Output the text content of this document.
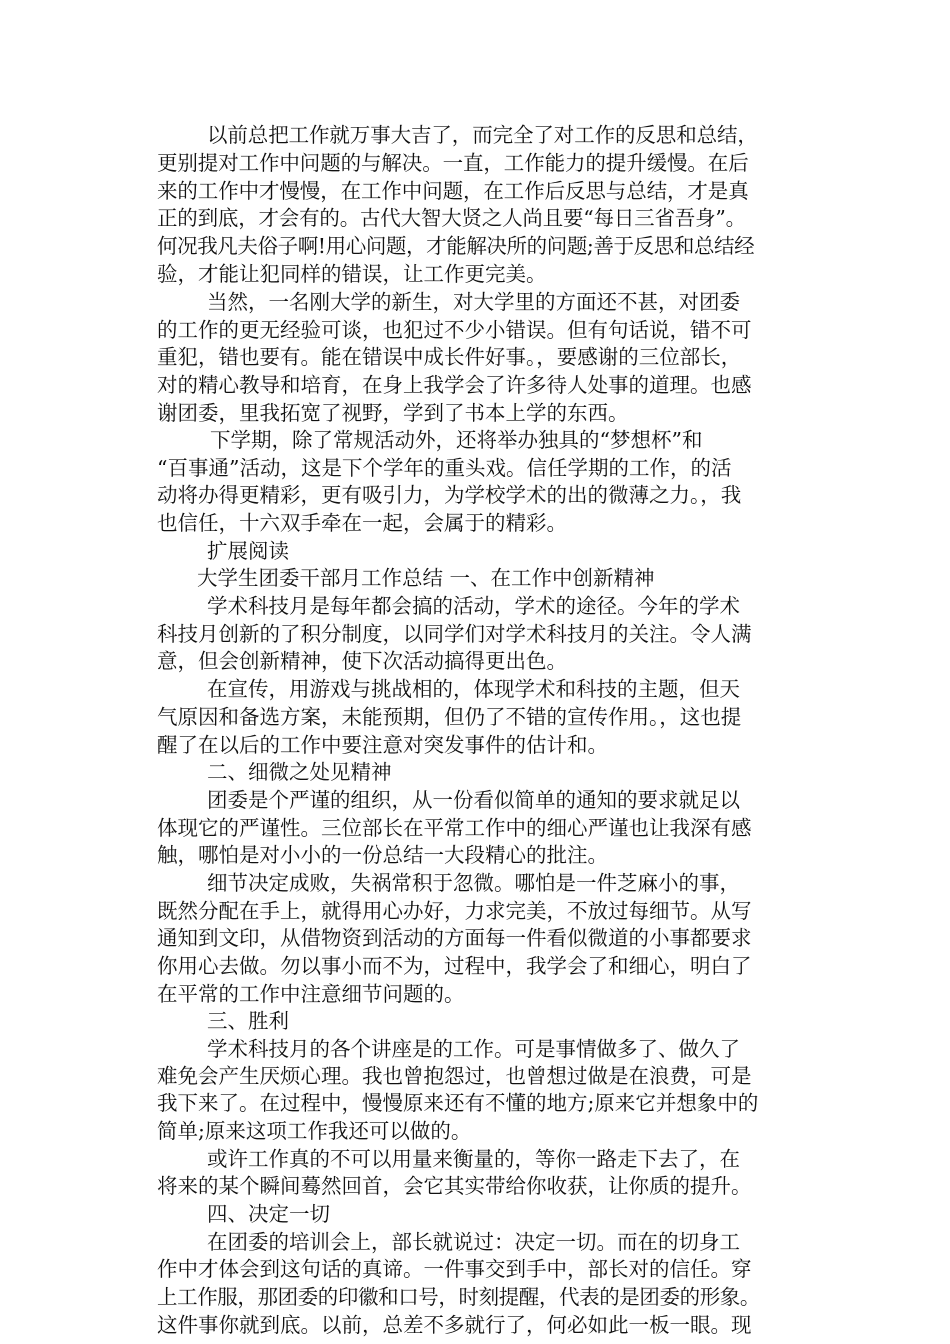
以前总把工作就万事大吉了，而完全了对工作的反思和总结，
更别提对工作中问题的与解决。一直，工作能力的提升缓慢。在后
来的工作中才慢慢，在工作中问题，在工作后反思与总结，才是真
正的到底，才会有的。古代大智大贤之人尚且要“每日三省吾身”。
何况我凡夫俗子啊!用心问题，才能解决所的问题;善于反思和总结经
验，才能让犯同样的错误，让工作更完美。
当然，一名刚大学的新生，对大学里的方面还不甚，对团委
的工作的更无经验可谈，也犯过不少小错误。但有句话说，错不可
重犯，错也要有。能在错误中成长件好事。，要感谢的三位部长，
对的精心教导和培育，在身上我学会了许多待人处事的道理。也感
谢团委，里我拓宽了视野，学到了书本上学的东西。
下学期，除了常规活动外，还将举办独具的“梦想杯”和
“百事通”活动，这是下个学年的重头戏。信任学期的工作，的活
动将办得更精彩，更有吸引力，为学校学术的出的微薄之力。，我
也信任，十六双手牵在一起，会属于的精彩。
扩展阅读
大学生团委干部月工作总结 一、在工作中创新精神
学术科技月是每年都会搞的活动，学术的途径。今年的学术
科技月创新的了积分制度，以同学们对学术科技月的关注。令人满
意，但会创新精神，使下次活动搞得更出色。
在宣传，用游戏与挑战相的，体现学术和科技的主题，但天
气原因和备选方案，未能预期，但仍了不错的宣传作用。，这也提
醒了在以后的工作中要注意对突发事件的估计和。
二、细微之处见精神
团委是个严谨的组织，从一份看似简单的通知的要求就足以
体现它的严谨性。三位部长在平常工作中的细心严谨也让我深有感
触，哪怕是对小小的一份总结一大段精心的批注。
细节决定成败，失祸常积于忽微。哪怕是一件芝麻小的事，
既然分配在手上，就得用心办好，力求完美，不放过每细节。从写
通知到文印，从借物资到活动的方面每一件看似微道的小事都要求
你用心去做。勿以事小而不为，过程中，我学会了和细心，明白了
在平常的工作中注意细节问题的。
三、胜利
学术科技月的各个讲座是的工作。可是事情做多了、做久了
难免会产生厌烦心理。我也曾抱怨过，也曾想过做是在浪费，可是
我下来了。在过程中，慢慢原来还有不懂的地方;原来它并想象中的
简单;原来这项工作我还可以做的。
或许工作真的不可以用量来衡量的，等你一路走下去了，在
将来的某个瞬间蓦然回首，会它其实带给你收获，让你质的提升。
四、决定一切
在团委的培训会上，部长就说过：决定一切。而在的切身工
作中才体会到这句话的真谛。一件事交到手中，部长对的信任。穿
上工作服，那团委的印徽和口号，时刻提醒，代表的是团委的形象。
这件事你就到底。以前，总差不多就行了，何必如此一板一眼。现
